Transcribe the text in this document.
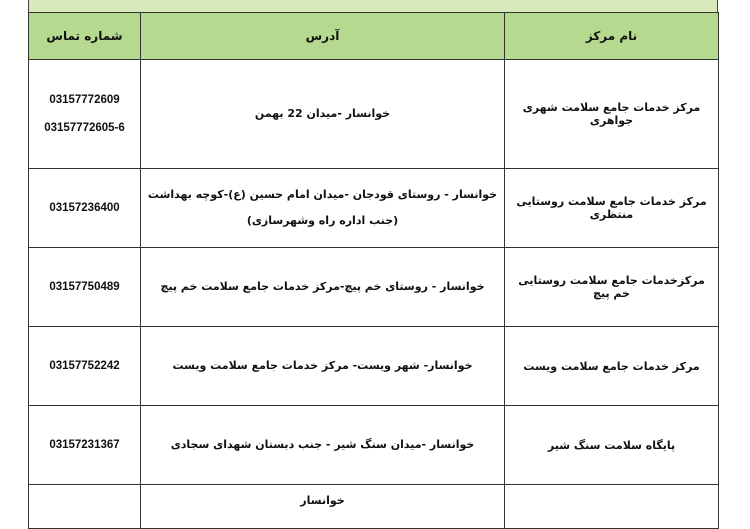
شماره تماس	آدرس	نام مرکز

03157772609
03157772605-6	خوانسار -میدان 22 بهمن	مرکز خدمات جامع سلامت شهری جواهری

03157236400	خوانسار - روستای قودجان -میدان امام حسین (ع)-کوچه بهداشت (جنب اداره راه وشهرسازی)	مرکز خدمات جامع سلامت روستایی منتظری

03157750489	خوانسار - روستای خم پیچ-مرکز خدمات جامع سلامت خم پیچ	مرکزخدمات جامع سلامت روستایی خم پیچ

03157752242	خوانسار- شهر ویست- مرکز خدمات جامع سلامت ویست	مرکز خدمات جامع سلامت ویست

03157231367	خوانسار -میدان سنگ شیر - جنب دبستان شهدای سجادی	پایگاه سلامت سنگ شیر

	خوانسار	
